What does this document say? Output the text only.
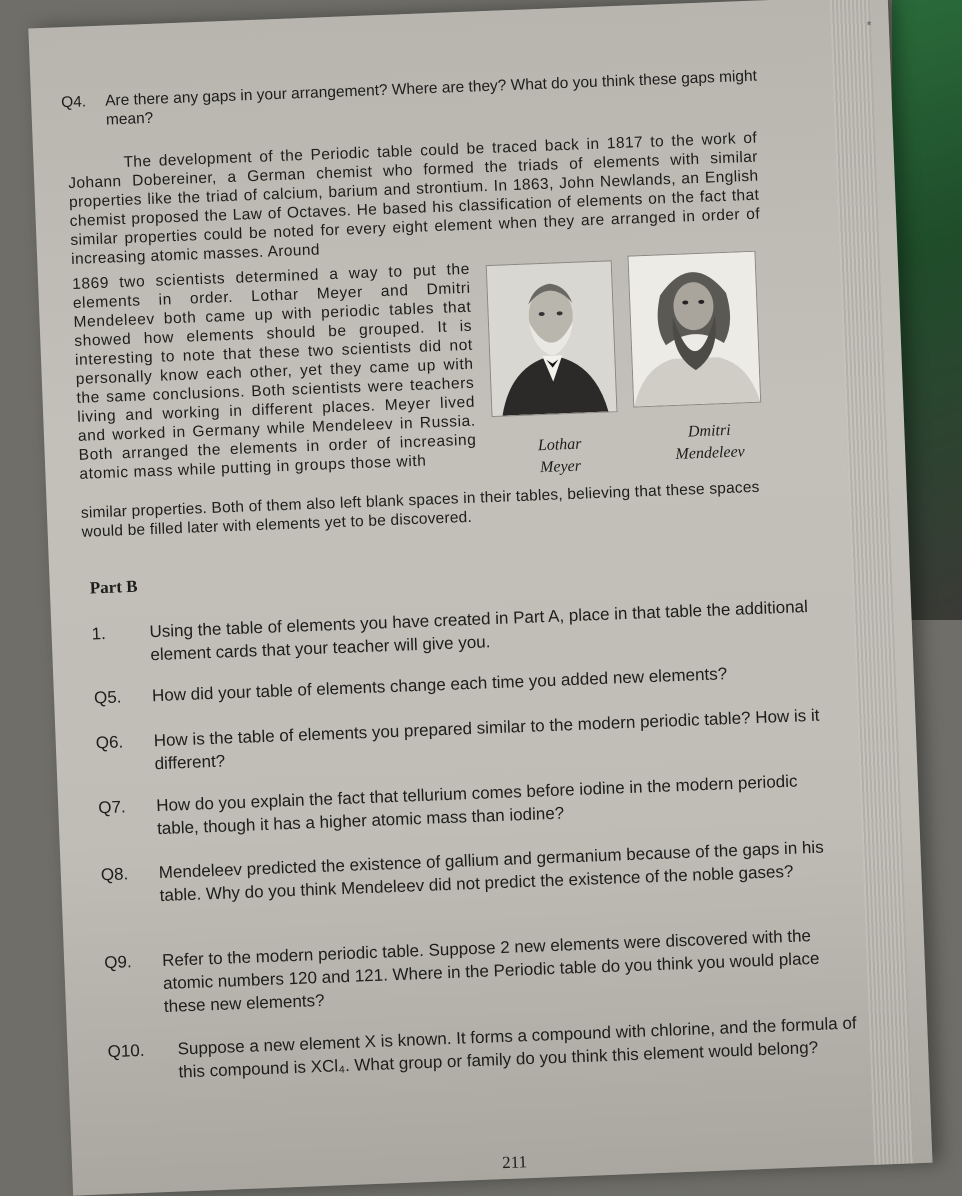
*
Q4. Are there any gaps in your arrangement? Where are they? What do you think these gaps might mean?
The development of the Periodic table could be traced back in 1817 to the work of Johann Dobereiner, a German chemist who formed the triads of elements with similar properties like the triad of calcium, barium and strontium. In 1863, John Newlands, an English chemist proposed the Law of Octaves. He based his classification of elements on the fact that similar properties could be noted for every eight element when they are arranged in order of increasing atomic masses. Around
1869 two scientists determined a way to put the elements in order. Lothar Meyer and Dmitri Mendeleev both came up with periodic tables that showed how elements should be grouped. It is interesting to note that these two scientists did not personally know each other, yet they came up with the same conclusions. Both scientists were teachers living and working in different places. Meyer lived and worked in Germany while Mendeleev in Russia. Both arranged the elements in order of increasing atomic mass while putting in groups those with
Lothar
Meyer
Dmitri
Mendeleev
similar properties. Both of them also left blank spaces in their tables, believing that these spaces would be filled later with elements yet to be discovered.
Part B
1.	Using the table of elements you have created in Part A, place in that table the additional element cards that your teacher will give you.
Q5. How did your table of elements change each time you added new elements?
Q6. How is the table of elements you prepared similar to the modern periodic table? How is it different?
Q7. How do you explain the fact that tellurium comes before iodine in the modern periodic table, though it has a higher atomic mass than iodine?
Q8. Mendeleev predicted the existence of gallium and germanium because of the gaps in his table. Why do you think Mendeleev did not predict the existence of the noble gases?
Q9. Refer to the modern periodic table. Suppose 2 new elements were discovered with the atomic numbers 120 and 121. Where in the Periodic table do you think you would place these new elements?
Q10. Suppose a new element X is known. It forms a compound with chlorine, and the formula of this compound is XCl₄. What group or family do you think this element would belong?
211
